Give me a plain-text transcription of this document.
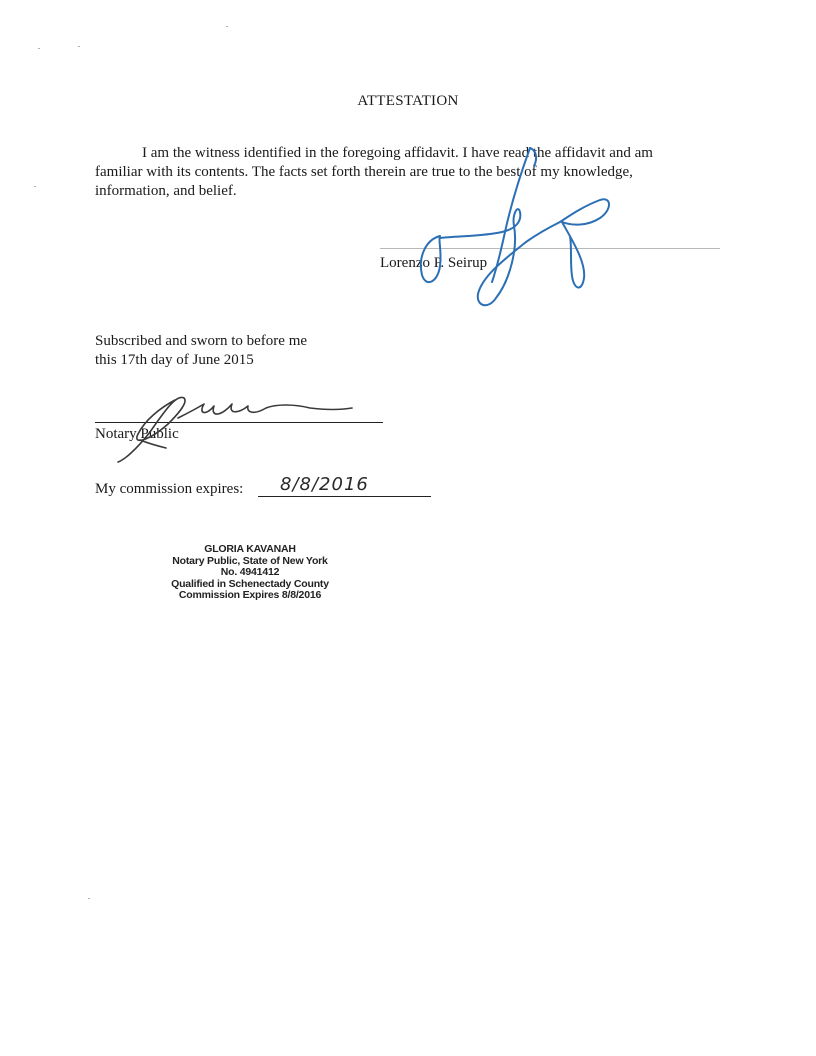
ATTESTATION

I am the witness identified in the foregoing affidavit. I have read the affidavit and am

familiar with its contents. The facts set forth therein are true to the best of my knowledge,
information, and belief.
Lorenzo P. Seirup
Subscribed and sworn to before me
this 17th day of June 2015
Notary Public
My commission expires: 8/8/2016
GLORIA KAVANAH
Notary Public, State of New York
No. 4941412
Qualified in Schenectady County
Commission Expires 8/8/2016
